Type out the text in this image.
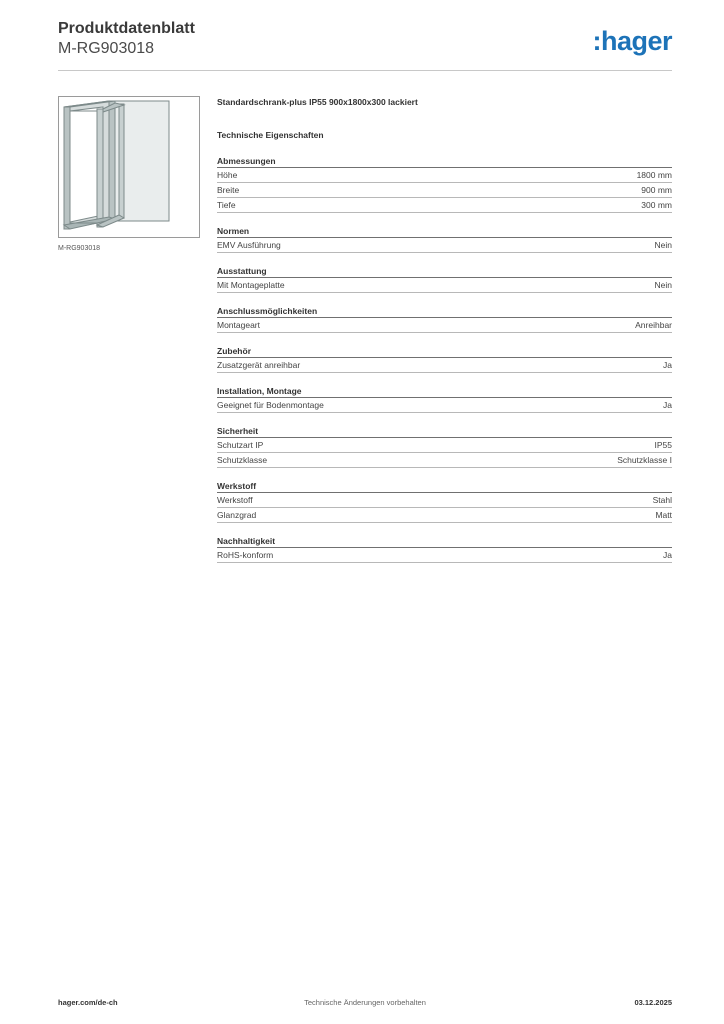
Produktdatenblatt
M-RG903018	:hager
M-RG903018
Standardschrank-plus IP55 900x1800x300 lackiert
Technische Eigenschaften
Abmessungen
Höhe	1800 mm
Breite	900 mm
Tiefe	300 mm
Normen
EMV Ausführung	Nein
Ausstattung
Mit Montageplatte	Nein
Anschlussmöglichkeiten
Montageart	Anreihbar
Zubehör
Zusatzgerät anreihbar	Ja
Installation, Montage
Geeignet für Bodenmontage	Ja
Sicherheit
Schutzart IP	IP55
Schutzklasse	Schutzklasse I
Werkstoff
Werkstoff	Stahl
Glanzgrad	Matt
Nachhaltigkeit
RoHS-konform	Ja
hager.com/de-ch	Technische Änderungen vorbehalten	03.12.2025
